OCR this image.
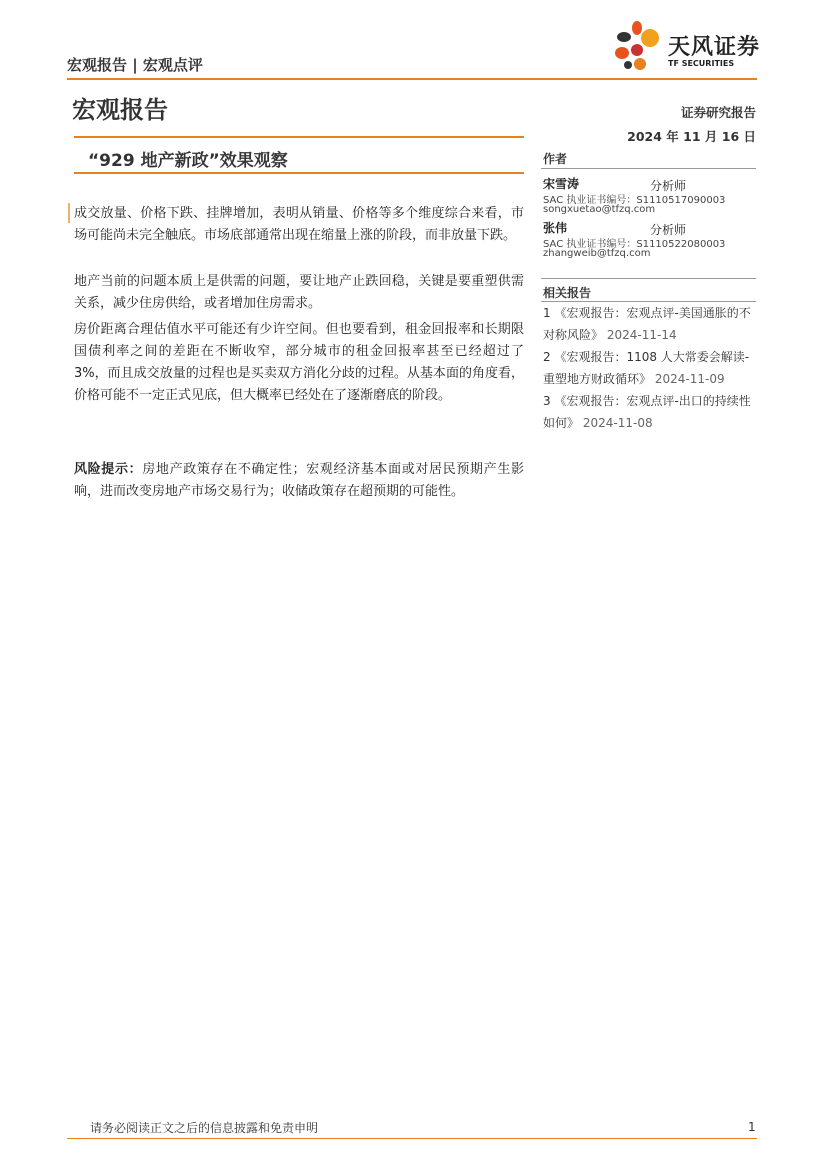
宏观报告 | 宏观点评
天风证券
TF SECURITIES
宏观报告	证券研究报告
2024 年 11 月 16 日
“929 地产新政”效果观察
成交放量、价格下跌、挂牌增加，表明从销量、价格等多个维度综合来看，市场可能尚未完全触底。市场底部通常出现在缩量上涨的阶段，而非放量下跌。
地产当前的问题本质上是供需的问题，要让地产止跌回稳，关键是要重塑供需关系，减少住房供给，或者增加住房需求。
房价距离合理估值水平可能还有少许空间。但也要看到，租金回报率和长期限国债利率之间的差距在不断收窄，部分城市的租金回报率甚至已经超过了 3%，而且成交放量的过程也是买卖双方消化分歧的过程。从基本面的角度看，价格可能不一定正式见底，但大概率已经处在了逐渐磨底的阶段。
风险提示：房地产政策存在不确定性；宏观经济基本面或对居民预期产生影响，进而改变房地产市场交易行为；收储政策存在超预期的可能性。
作者
宋雪涛	分析师
SAC 执业证书编号：S1110517090003
songxuetao@tfzq.com
张伟	分析师
SAC 执业证书编号：S1110522080003
zhangweib@tfzq.com
相关报告
1 《宏观报告：宏观点评-美国通胀的不对称风险》 2024-11-14
2 《宏观报告：1108 人大常委会解读-重塑地方财政循环》 2024-11-09
3 《宏观报告：宏观点评-出口的持续性如何》 2024-11-08
请务必阅读正文之后的信息披露和免责申明	1
